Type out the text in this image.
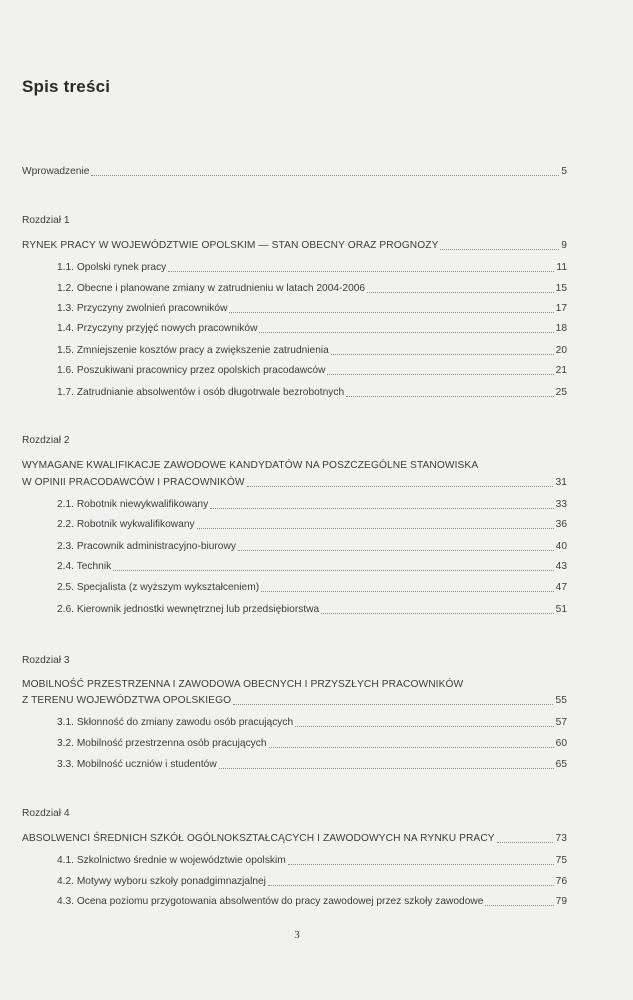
Spis treści
Wprowadzenie	5
Rozdział 1
RYNEK PRACY W WOJEWÓDZTWIE OPOLSKIM — STAN OBECNY ORAZ PROGNOZY	9
1.1. Opolski rynek pracy	11
1.2. Obecne i planowane zmiany w zatrudnieniu w latach 2004-2006	15
1.3. Przyczyny zwolnień pracowników	17
1.4. Przyczyny przyjęć nowych pracowników	18
1.5. Zmniejszenie kosztów pracy a zwiększenie zatrudnienia	20
1.6. Poszukiwani pracownicy przez opolskich pracodawców	21
1.7. Zatrudnianie absolwentów i osób długotrwale bezrobotnych	25
Rozdział 2
WYMAGANE KWALIFIKACJE ZAWODOWE KANDYDATÓW NA POSZCZEGÓLNE STANOWISKA
W OPINII PRACODAWCÓW I PRACOWNIKÓW	31
2.1. Robotnik niewykwalifikowany	33
2.2. Robotnik wykwalifikowany	36
2.3. Pracownik administracyjno-biurowy	40
2.4. Technik	43
2.5. Specjalista (z wyższym wykształceniem)	47
2.6. Kierownik jednostki wewnętrznej lub przedsiębiorstwa	51
Rozdział 3
MOBILNOŚĆ PRZESTRZENNA I ZAWODOWA OBECNYCH I PRZYSZŁYCH PRACOWNIKÓW
Z TERENU WOJEWÓDZTWA OPOLSKIEGO	55
3.1. Skłonność do zmiany zawodu osób pracujących	57
3.2. Mobilność przestrzenna osób pracujących	60
3.3. Mobilność uczniów i studentów	65
Rozdział 4
ABSOLWENCI ŚREDNICH SZKÓŁ OGÓLNOKSZTAŁCĄCYCH I ZAWODOWYCH NA RYNKU PRACY	73
4.1. Szkolnictwo średnie w województwie opolskim	75
4.2. Motywy wyboru szkoły ponadgimnazjalnej	76
4.3. Ocena poziomu przygotowania absolwentów do pracy zawodowej przez szkoły zawodowe	79
3
